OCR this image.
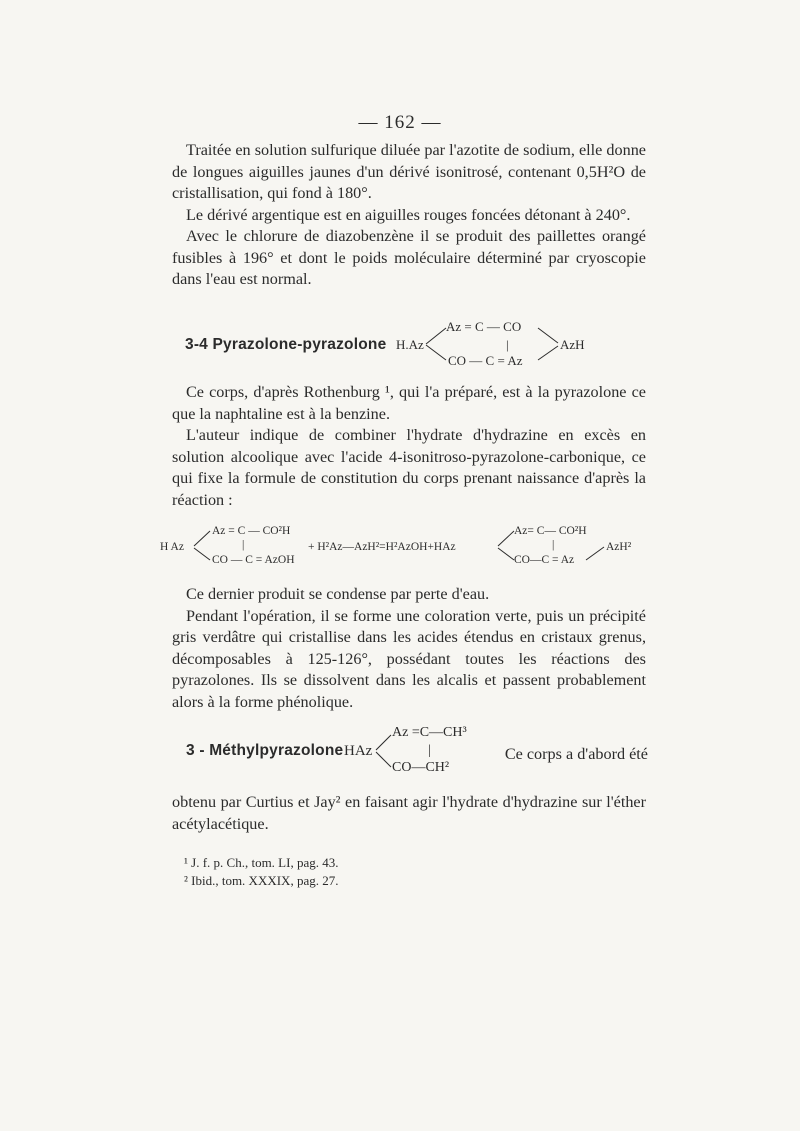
— 162 —

Traitée en solution sulfurique diluée par l'azotite de sodium, elle donne de longues aiguilles jaunes d'un dérivé isonitrosé, contenant 0,5H²O de cristallisation, qui fond à 180°.

Le dérivé argentique est en aiguilles rouges foncées détonant à 240°.

Avec le chlorure de diazobenzène il se produit des paillettes orangé fusibles à 196° et dont le poids moléculaire déterminé par cryoscopie dans l'eau est normal.

3-4 Pyrazolone-pyrazolone H.Az
Az = C — CO
|
CO — C = Az
AzH

Ce corps, d'après Rothenburg ¹, qui l'a préparé, est à la pyrazolone ce que la naphtaline est à la benzine.

L'auteur indique de combiner l'hydrate d'hydrazine en excès en solution alcoolique avec l'acide 4-isonitroso-pyrazolone-carbonique, ce qui fixe la formule de constitution du corps prenant naissance d'après la réaction :

H Az
Az = C — CO²H
|
CO — C = AzOH
+ H²Az—AzH²=H²AzOH+HAz
Az= C— CO²H
|
CO—C = Az
AzH²

Ce dernier produit se condense par perte d'eau.

Pendant l'opération, il se forme une coloration verte, puis un précipité gris verdâtre qui cristallise dans les acides étendus en cristaux grenus, décomposables à 125-126°, possédant toutes les réactions des pyrazolones. Ils se dissolvent dans les alcalis et passent probablement alors à la forme phénolique.

3 - Méthylpyrazolone HAz
Az =C—CH³
|
CO—CH²

Ce corps a d'abord été

obtenu par Curtius et Jay² en faisant agir l'hydrate d'hydrazine sur l'éther acétylacétique.

¹ J. f. p. Ch., tom. LI, pag. 43.
² Ibid., tom. XXXIX, pag. 27.
